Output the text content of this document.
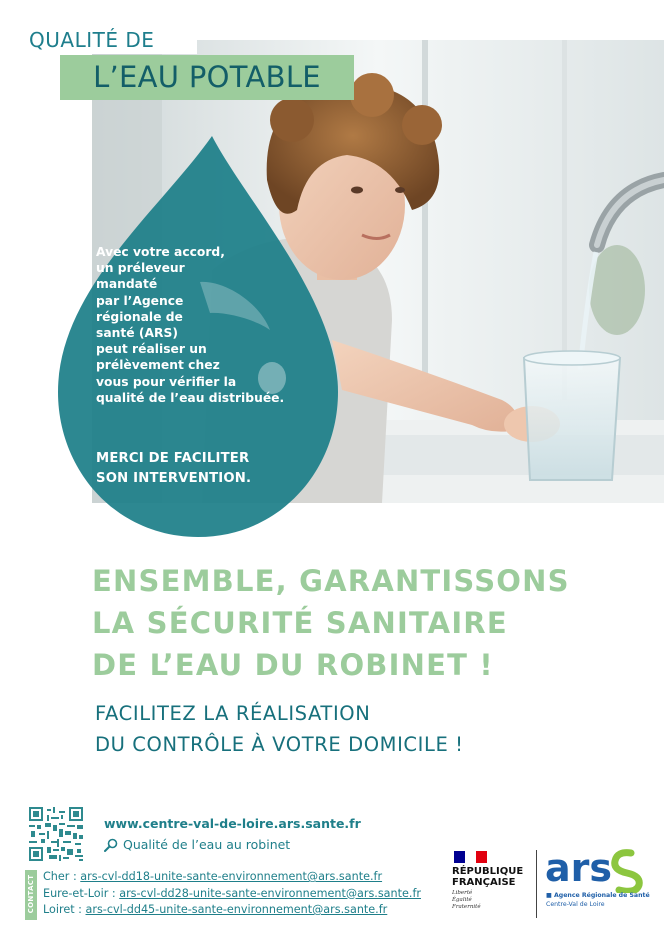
QUALITÉ DE
L’EAU POTABLE
Avec votre accord,
un préleveur
mandaté
par l’Agence
régionale de
santé (ARS)
peut réaliser un
prélèvement chez
vous pour vérifier la
qualité de l’eau distribuée.
MERCI DE FACILITER
SON INTERVENTION.
ENSEMBLE, GARANTISSONS
LA SÉCURITÉ SANITAIRE
DE L’EAU DU ROBINET !
FACILITEZ LA RÉALISATION
DU CONTRÔLE À VOTRE DOMICILE !
www.centre-val-de-loire.ars.sante.fr
Qualité de l’eau au robinet
CONTACT Cher : ars-cvl-dd18-unite-sante-environnement@ars.sante.fr
Eure-et-Loir : ars-cvl-dd28-unite-sante-environnement@ars.sante.fr
Loiret : ars-cvl-dd45-unite-sante-environnement@ars.sante.fr
RÉPUBLIQUE
FRANÇAISE
Liberté
Égalité
Fraternité
ars
■ Agence Régionale de Santé
Centre-Val de Loire
